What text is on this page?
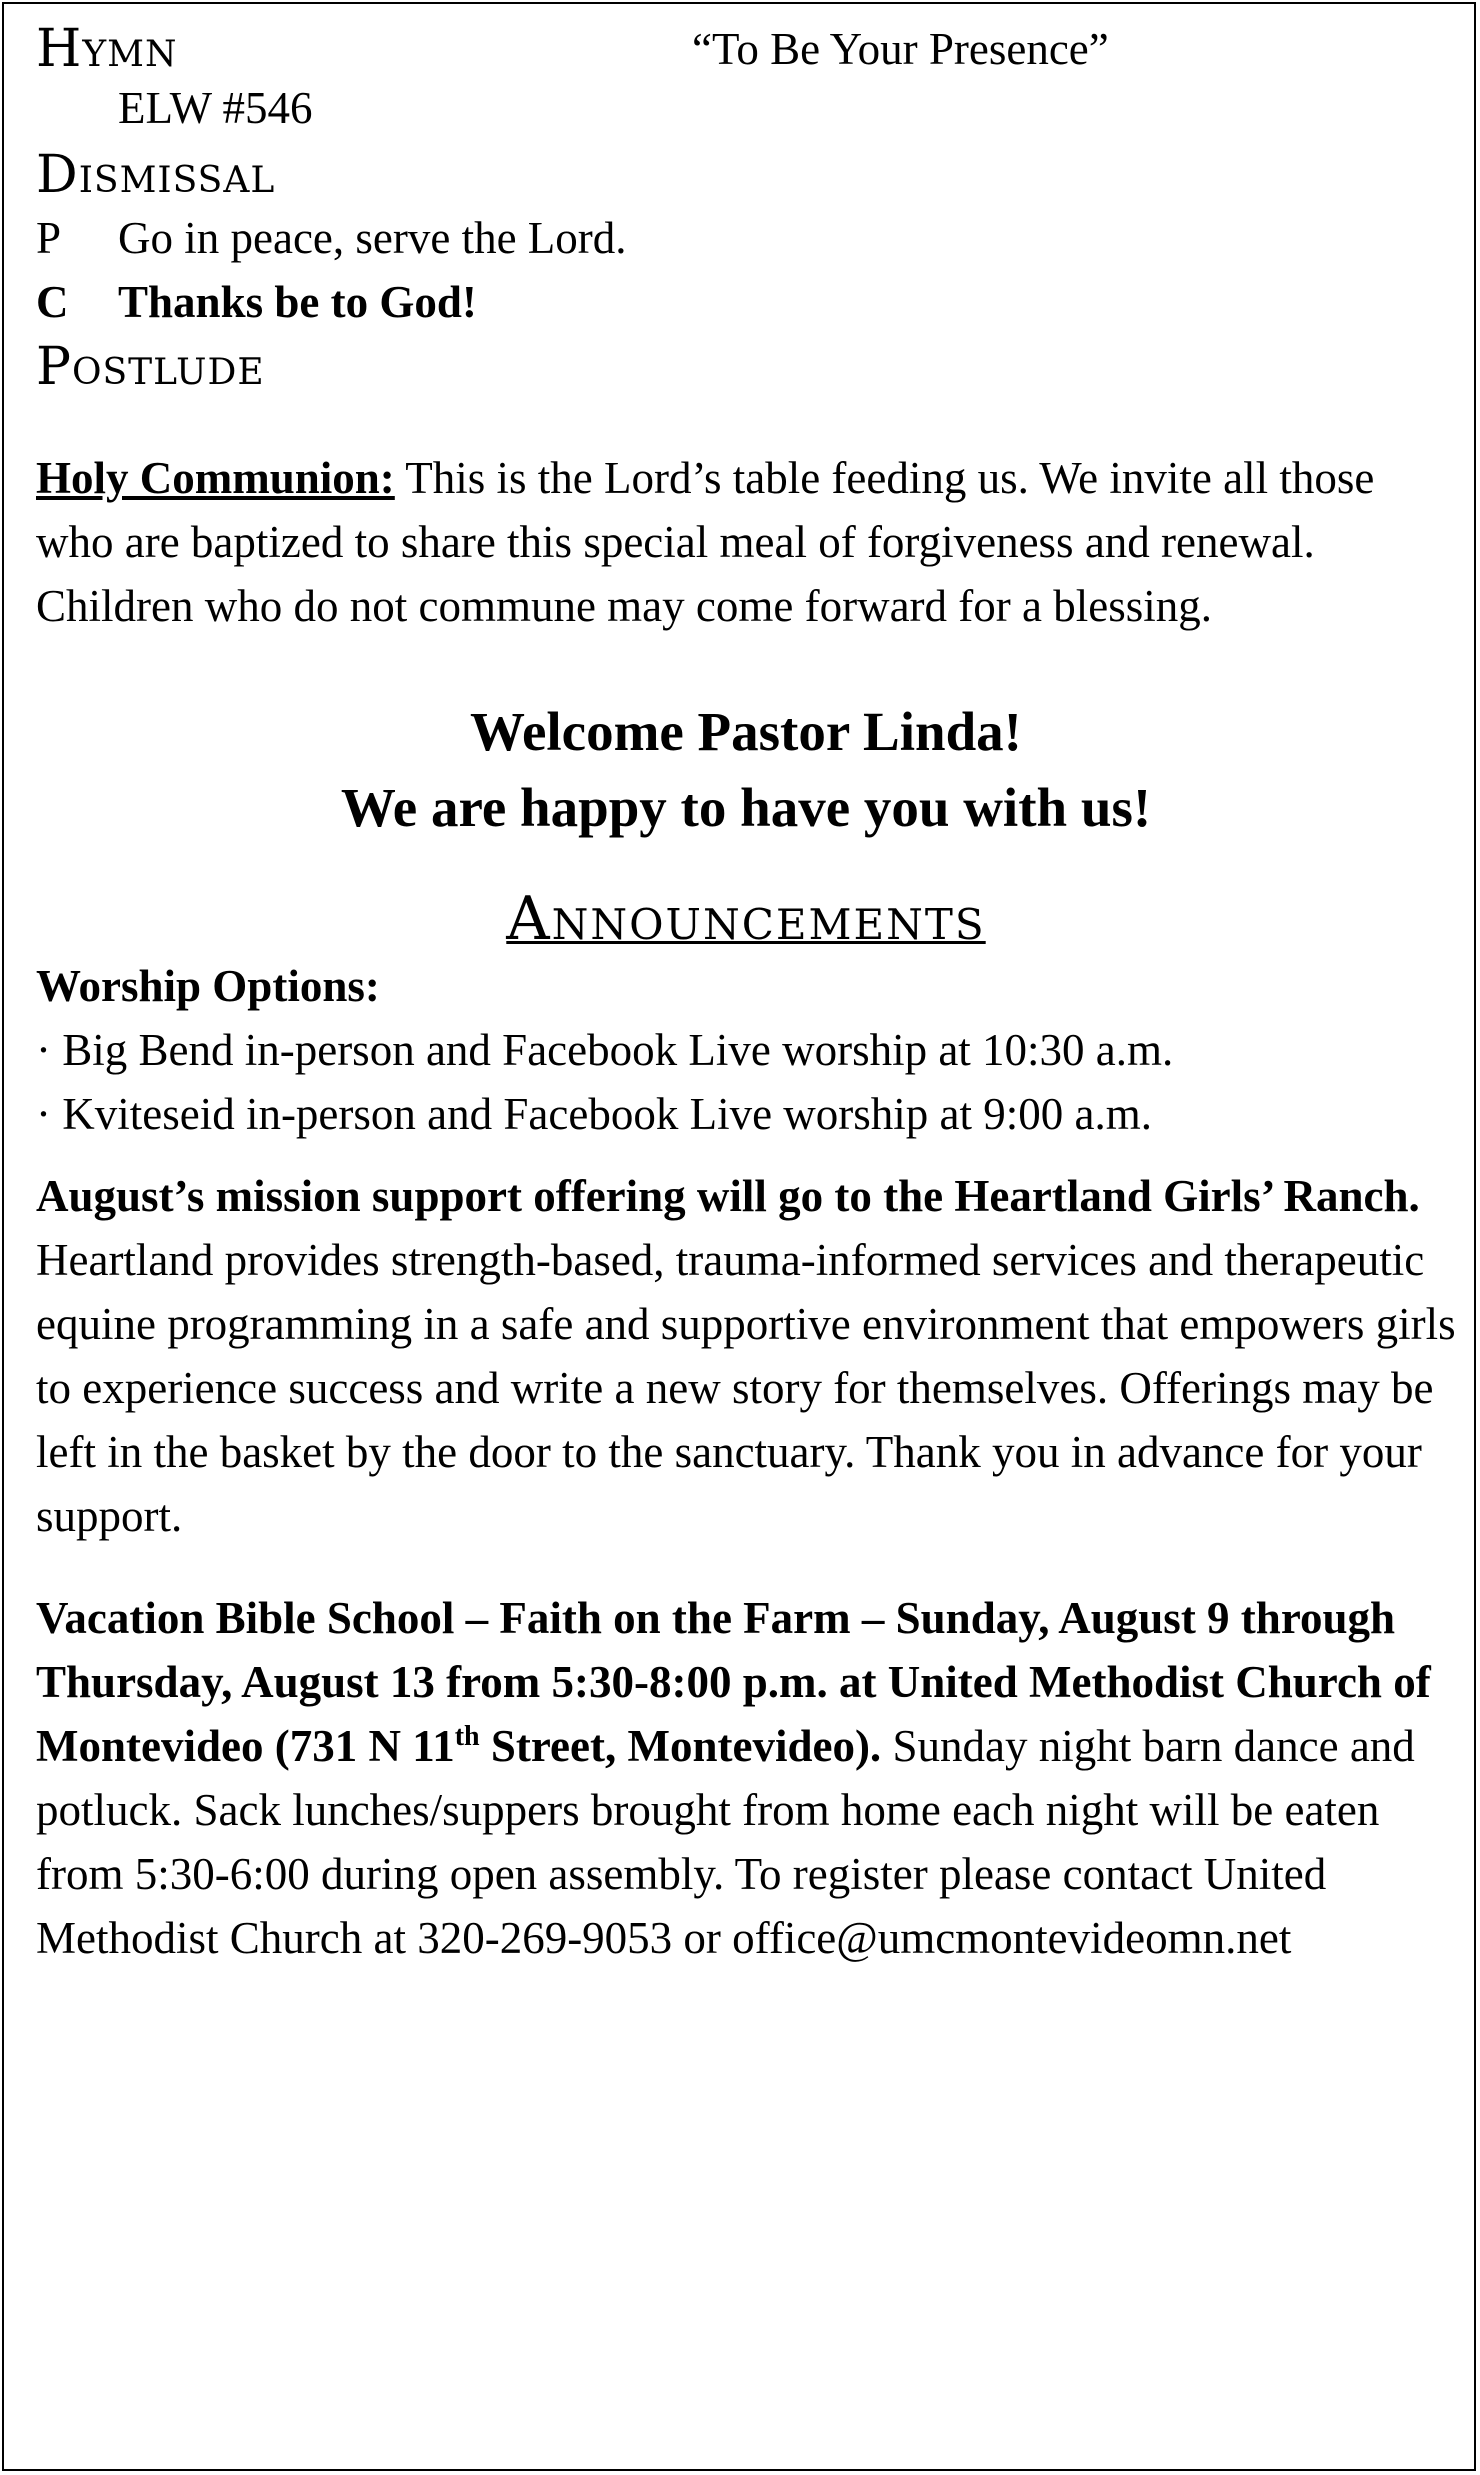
Hymn	“To Be Your Presence”
ELW #546
Dismissal
P Go in peace, serve the Lord.
C Thanks be to God!
Postlude

Holy Communion: This is the Lord’s table feeding us. We invite all those who are baptized to share this special meal of forgiveness and renewal. Children who do not commune may come forward for a blessing.

Welcome Pastor Linda!

We are happy to have you with us!

Announcements
Worship Options:
· Big Bend in-person and Facebook Live worship at 10:30 a.m.
· Kviteseid in-person and Facebook Live worship at 9:00 a.m.

August’s mission support offering will go to the Heartland Girls’ Ranch. Heartland provides strength-based, trauma-informed services and therapeutic equine programming in a safe and supportive environment that empowers girls to experience success and write a new story for themselves. Offerings may be left in the basket by the door to the sanctuary. Thank you in advance for your support.

Vacation Bible School – Faith on the Farm – Sunday, August 9 through Thursday, August 13 from 5:30-8:00 p.m. at United Methodist Church of Montevideo (731 N 11th Street, Montevideo). Sunday night barn dance and potluck. Sack lunches/suppers brought from home each night will be eaten from 5:30-6:00 during open assembly. To register please contact United Methodist Church at 320-269-9053 or office@umcmontevideomn.net
